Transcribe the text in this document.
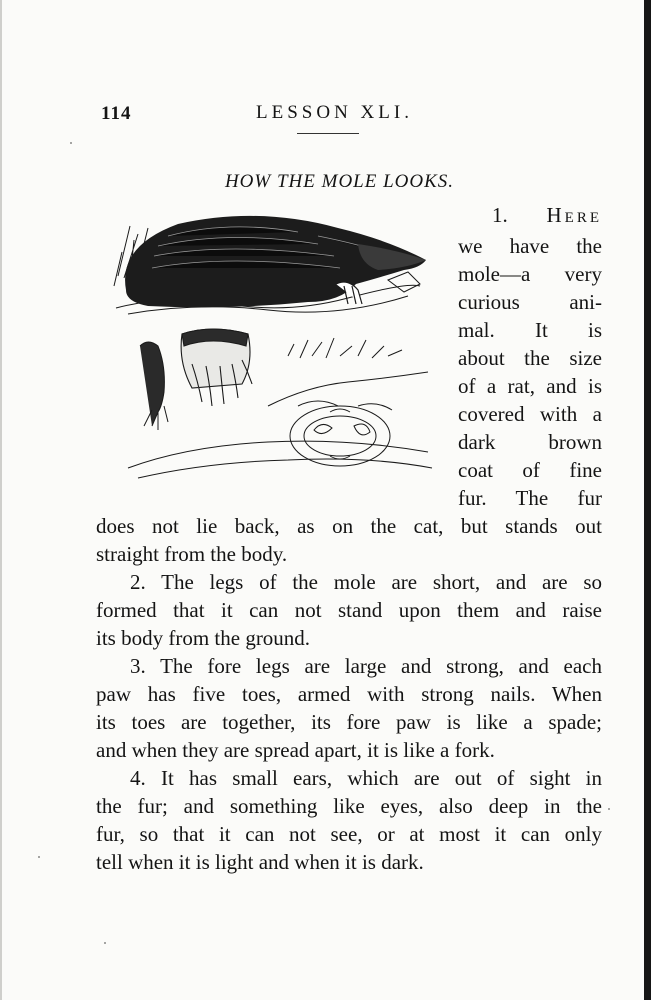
114	LESSON XLI.
HOW THE MOLE LOOKS.
1. Here
we have the
mole—a very
curious ani-
mal. It is
about the size
of a rat, and is
covered with a
dark brown
coat of fine
fur. The fur
does not lie back, as on the cat, but stands out
straight from the body.
2. The legs of the mole are short, and are so
formed that it can not stand upon them and raise
its body from the ground.
3. The fore legs are large and strong, and each
paw has five toes, armed with strong nails. When
its toes are together, its fore paw is like a spade;
and when they are spread apart, it is like a fork.
4. It has small ears, which are out of sight in
the fur; and something like eyes, also deep in the
fur, so that it can not see, or at most it can only
tell when it is light and when it is dark.
